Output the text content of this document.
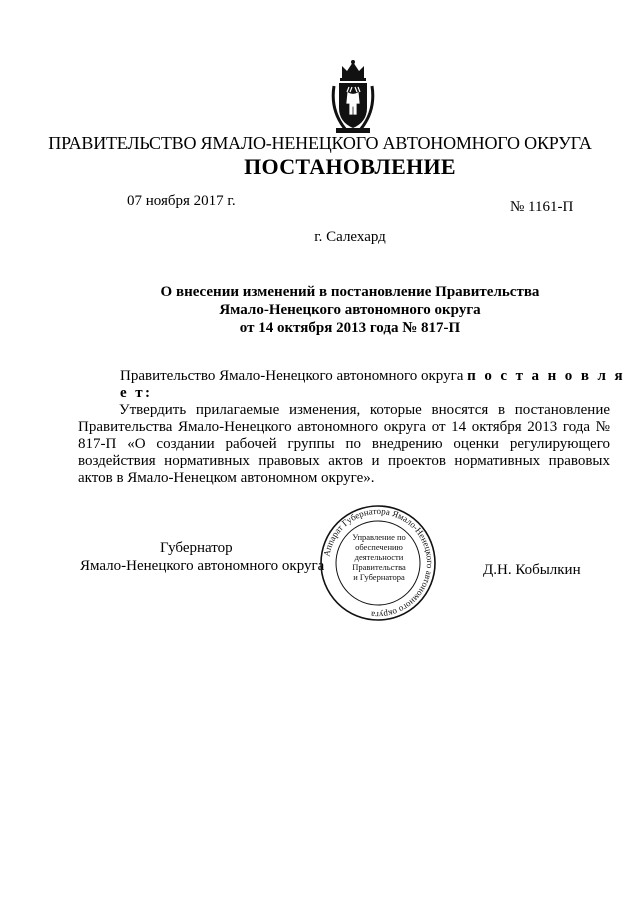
ПРАВИТЕЛЬСТВО ЯМАЛО-НЕНЕЦКОГО АВТОНОМНОГО ОКРУГА
ПОСТАНОВЛЕНИЕ
07 ноября 2017 г.	№ 1161-П
г. Салехард
О внесении изменений в постановление Правительства
Ямало-Ненецкого автономного округа
от 14 октября 2013 года № 817-П
Правительство Ямало-Ненецкого автономного округа п о с т а н о в л я е т:
Утвердить прилагаемые изменения, которые вносятся в постановление Правительства Ямало-Ненецкого автономного округа от 14 октября 2013 года № 817-П «О создании рабочей группы по внедрению оценки регулирующего воздействия нормативных правовых актов и проектов нормативных правовых актов в Ямало-Ненецком автономном округе».
Губернатор
Ямало-Ненецкого автономного округа	Д.Н. Кобылкин
Аппарат Губернатора Ямало-Ненецкого автономного округа
Управление по
обеспечению
деятельности
Правительства
и Губернатора
